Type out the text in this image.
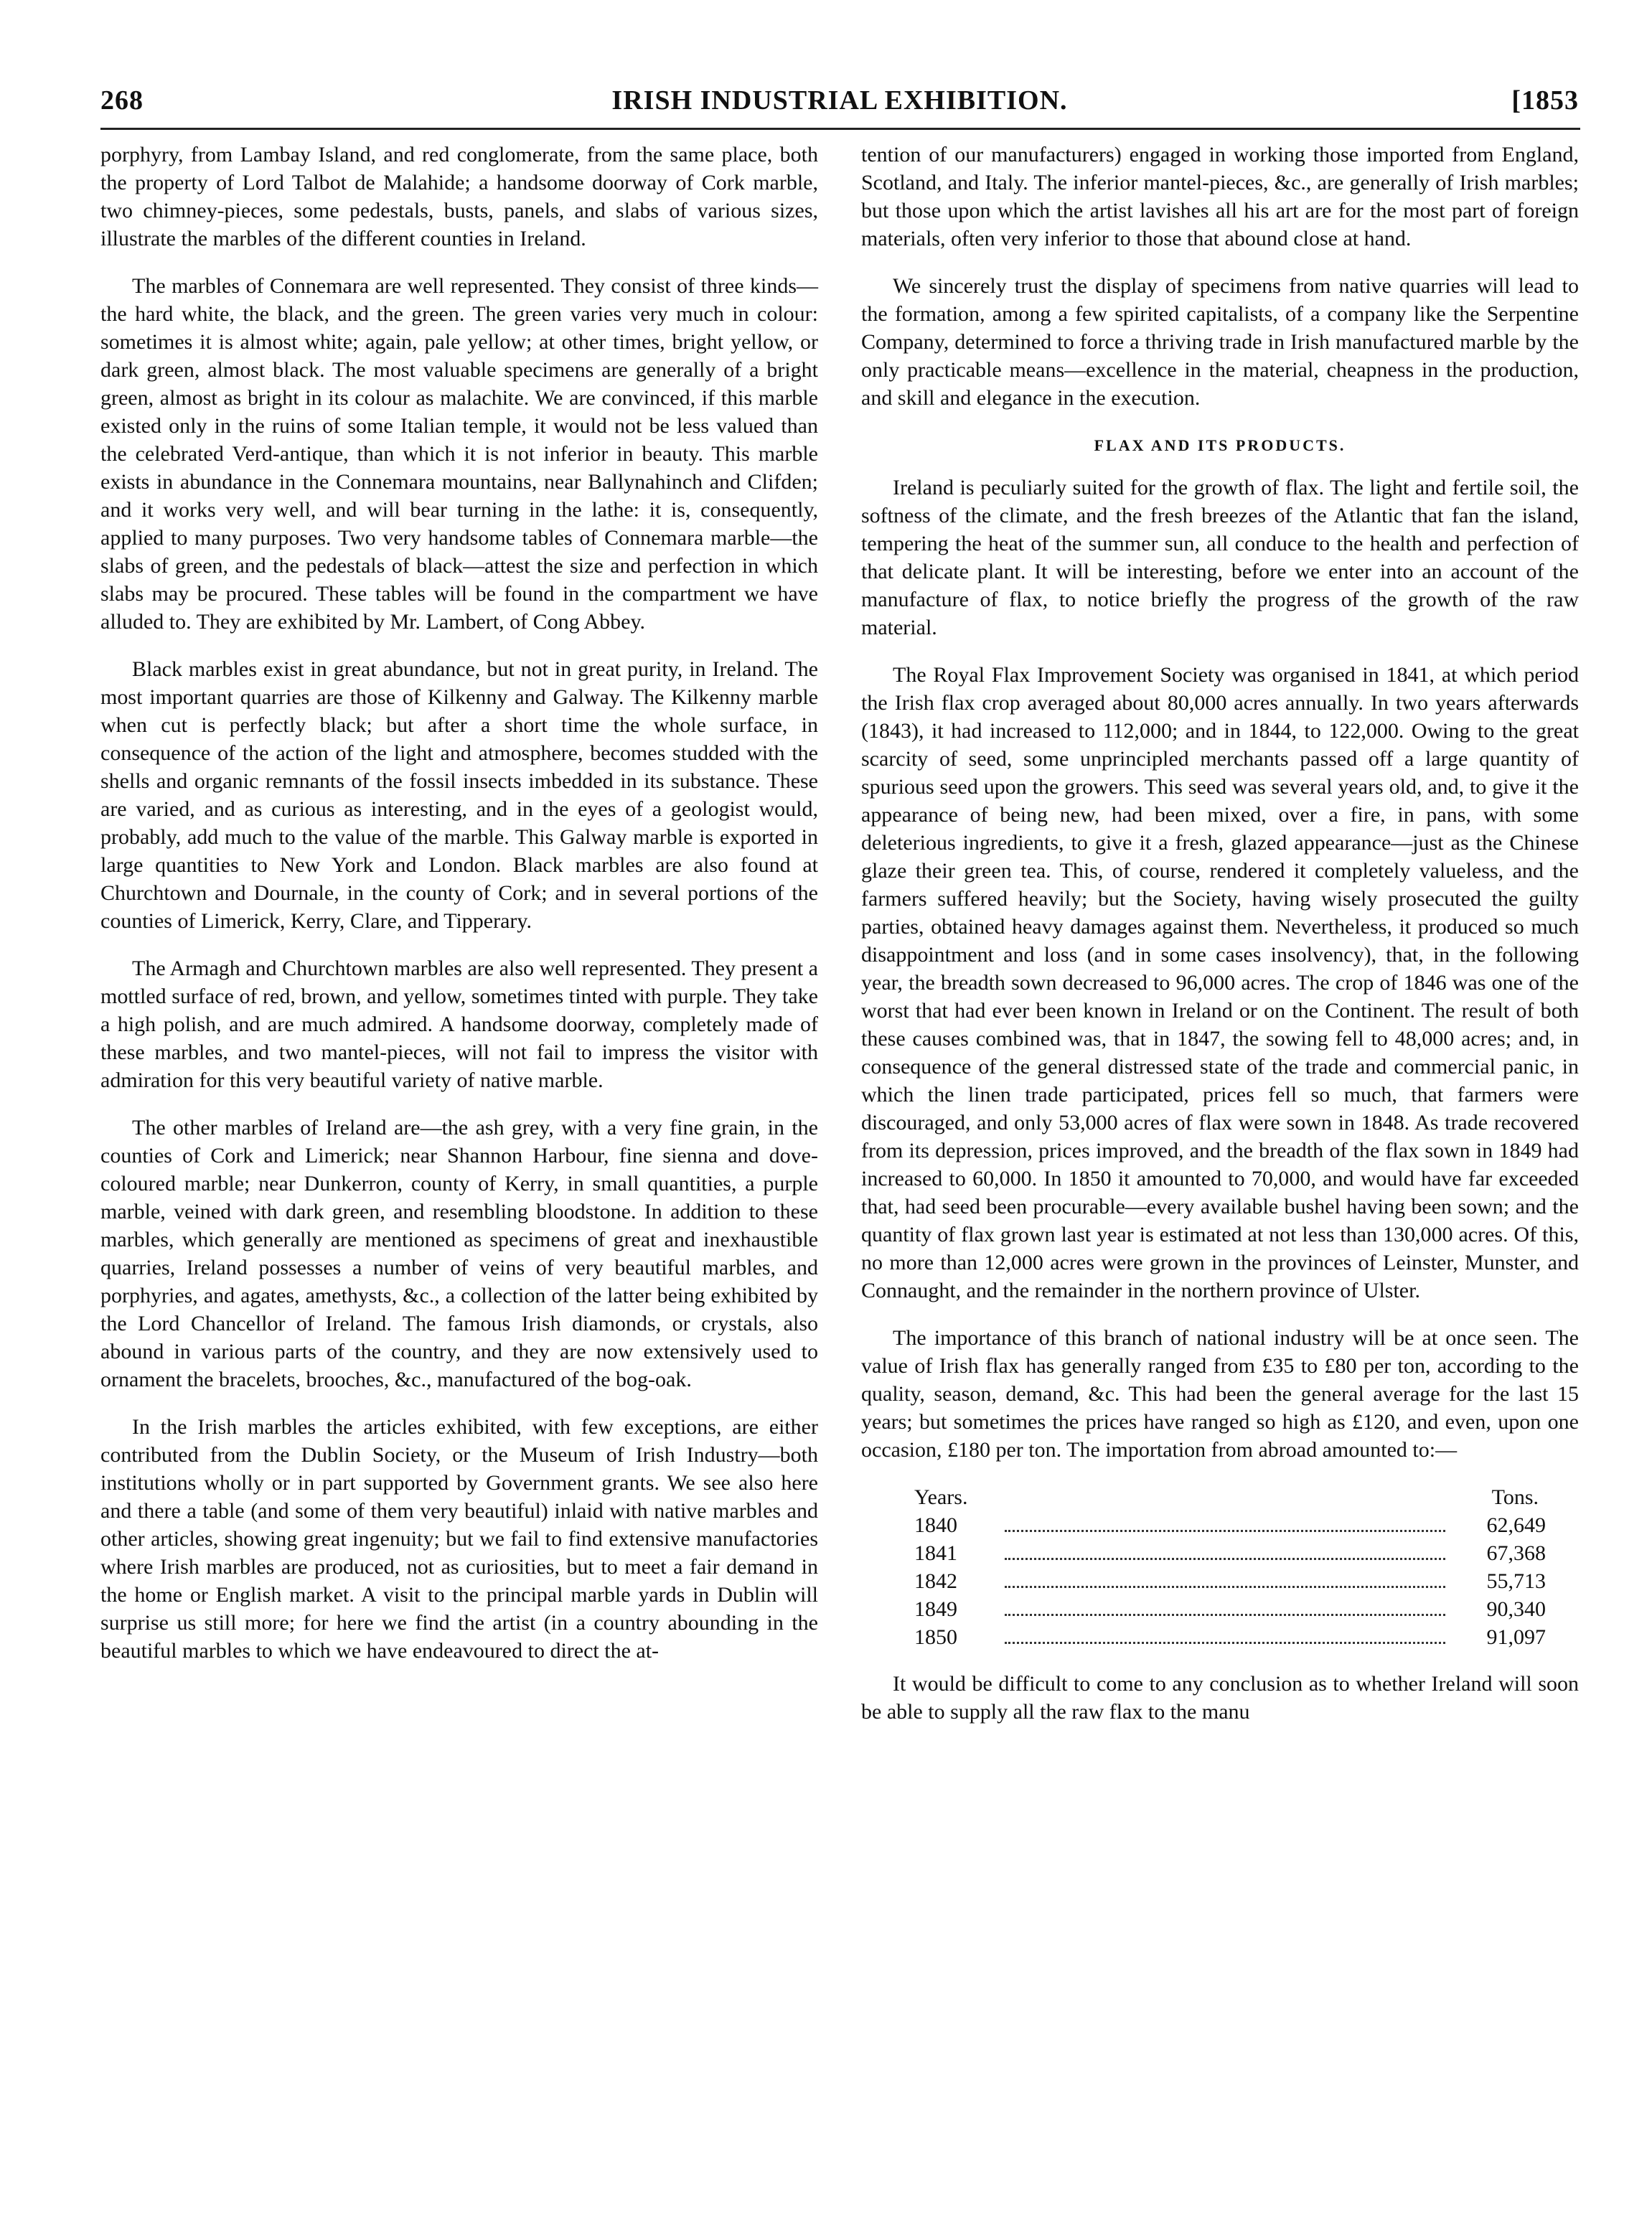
268	IRISH INDUSTRIAL EXHIBITION.	[1853

porphyry, from Lambay Island, and red conglomerate, from the same place, both the property of Lord Talbot de Malahide; a handsome doorway of Cork marble, two chimney-pieces, some pedestals, busts, panels, and slabs of various sizes, illustrate the marbles of the different counties in Ireland.

The marbles of Connemara are well represented. They consist of three kinds—the hard white, the black, and the green. The green varies very much in colour: sometimes it is almost white; again, pale yellow; at other times, bright yellow, or dark green, almost black. The most valuable specimens are generally of a bright green, almost as bright in its colour as malachite. We are convinced, if this marble existed only in the ruins of some Italian temple, it would not be less valued than the celebrated Verd-antique, than which it is not inferior in beauty. This marble exists in abundance in the Connemara mountains, near Ballynahinch and Clifden; and it works very well, and will bear turning in the lathe: it is, consequently, applied to many purposes. Two very handsome tables of Connemara marble—the slabs of green, and the pedestals of black—attest the size and perfection in which slabs may be procured. These tables will be found in the compartment we have alluded to. They are exhibited by Mr. Lambert, of Cong Abbey.

Black marbles exist in great abundance, but not in great purity, in Ireland. The most important quarries are those of Kilkenny and Galway. The Kilkenny marble when cut is perfectly black; but after a short time the whole surface, in consequence of the action of the light and atmosphere, becomes studded with the shells and organic remnants of the fossil insects imbedded in its substance. These are varied, and as curious as interesting, and in the eyes of a geologist would, probably, add much to the value of the marble. This Galway marble is exported in large quantities to New York and London. Black marbles are also found at Churchtown and Dournale, in the county of Cork; and in several portions of the counties of Limerick, Kerry, Clare, and Tipperary.

The Armagh and Churchtown marbles are also well represented. They present a mottled surface of red, brown, and yellow, sometimes tinted with purple. They take a high polish, and are much admired. A handsome doorway, completely made of these marbles, and two mantel-pieces, will not fail to impress the visitor with admiration for this very beautiful variety of native marble.

The other marbles of Ireland are—the ash grey, with a very fine grain, in the counties of Cork and Limerick; near Shannon Harbour, fine sienna and dove-coloured marble; near Dunkerron, county of Kerry, in small quantities, a purple marble, veined with dark green, and resembling bloodstone. In addition to these marbles, which generally are mentioned as specimens of great and inexhaustible quarries, Ireland possesses a number of veins of very beautiful marbles, and porphyries, and agates, amethysts, &c., a collection of the latter being exhibited by the Lord Chancellor of Ireland. The famous Irish diamonds, or crystals, also abound in various parts of the country, and they are now extensively used to ornament the bracelets, brooches, &c., manufactured of the bog-oak.

In the Irish marbles the articles exhibited, with few exceptions, are either contributed from the Dublin Society, or the Museum of Irish Industry—both institutions wholly or in part supported by Government grants. We see also here and there a table (and some of them very beautiful) inlaid with native marbles and other articles, showing great ingenuity; but we fail to find extensive manufactories where Irish marbles are produced, not as curiosities, but to meet a fair demand in the home or English market. A visit to the principal marble yards in Dublin will surprise us still more; for here we find the artist (in a country abounding in the beautiful marbles to which we have endeavoured to direct the at-

tention of our manufacturers) engaged in working those imported from England, Scotland, and Italy. The inferior mantel-pieces, &c., are generally of Irish marbles; but those upon which the artist lavishes all his art are for the most part of foreign materials, often very inferior to those that abound close at hand.

We sincerely trust the display of specimens from native quarries will lead to the formation, among a few spirited capitalists, of a company like the Serpentine Company, determined to force a thriving trade in Irish manufactured marble by the only practicable means—excellence in the material, cheapness in the production, and skill and elegance in the execution.

FLAX AND ITS PRODUCTS.

Ireland is peculiarly suited for the growth of flax. The light and fertile soil, the softness of the climate, and the fresh breezes of the Atlantic that fan the island, tempering the heat of the summer sun, all conduce to the health and perfection of that delicate plant. It will be interesting, before we enter into an account of the manufacture of flax, to notice briefly the progress of the growth of the raw material.

The Royal Flax Improvement Society was organised in 1841, at which period the Irish flax crop averaged about 80,000 acres annually. In two years afterwards (1843), it had increased to 112,000; and in 1844, to 122,000. Owing to the great scarcity of seed, some unprincipled merchants passed off a large quantity of spurious seed upon the growers. This seed was several years old, and, to give it the appearance of being new, had been mixed, over a fire, in pans, with some deleterious ingredients, to give it a fresh, glazed appearance—just as the Chinese glaze their green tea. This, of course, rendered it completely valueless, and the farmers suffered heavily; but the Society, having wisely prosecuted the guilty parties, obtained heavy damages against them. Nevertheless, it produced so much disappointment and loss (and in some cases insolvency), that, in the following year, the breadth sown decreased to 96,000 acres. The crop of 1846 was one of the worst that had ever been known in Ireland or on the Continent. The result of both these causes combined was, that in 1847, the sowing fell to 48,000 acres; and, in consequence of the general distressed state of the trade and commercial panic, in which the linen trade participated, prices fell so much, that farmers were discouraged, and only 53,000 acres of flax were sown in 1848. As trade recovered from its depression, prices improved, and the breadth of the flax sown in 1849 had increased to 60,000. In 1850 it amounted to 70,000, and would have far exceeded that, had seed been procurable—every available bushel having been sown; and the quantity of flax grown last year is estimated at not less than 130,000 acres. Of this, no more than 12,000 acres were grown in the provinces of Leinster, Munster, and Connaught, and the remainder in the northern province of Ulster.

The importance of this branch of national industry will be at once seen. The value of Irish flax has generally ranged from £35 to £80 per ton, according to the quality, season, demand, &c. This had been the general average for the last 15 years; but sometimes the prices have ranged so high as £120, and even, upon one occasion, £180 per ton. The importation from abroad amounted to:—

Years.	Tons.
1840	62,649
1841	67,368
1842	55,713
1849	90,340
1850	91,097

It would be difficult to come to any conclusion as to whether Ireland will soon be able to supply all the raw flax to the manu
